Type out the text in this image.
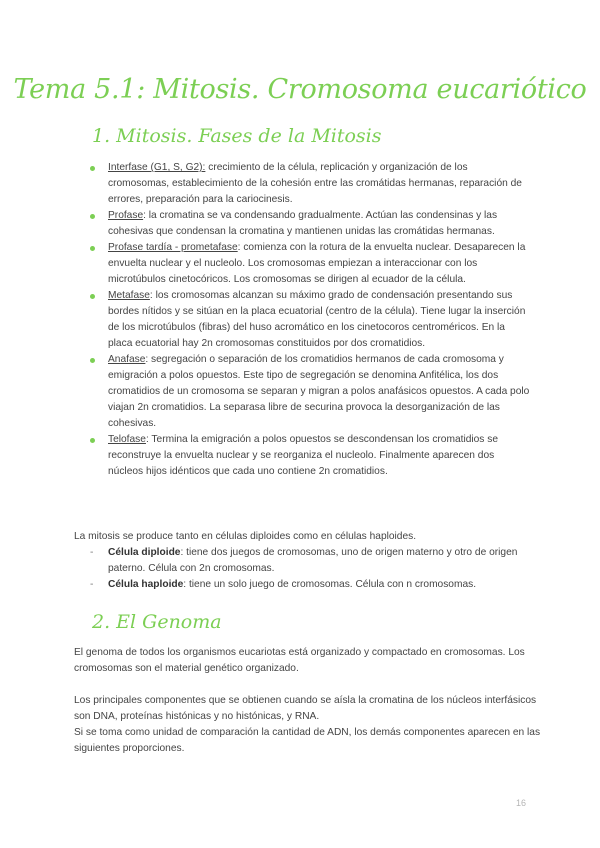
Tema 5.1: Mitosis. Cromosoma eucariótico
1. Mitosis. Fases de la Mitosis
Interfase (G1, S, G2): crecimiento de la célula, replicación y organización de los cromosomas, establecimiento de la cohesión entre las cromátidas hermanas, reparación de errores, preparación para la cariocinesis.
Profase: la cromatina se va condensando gradualmente. Actúan las condensinas y las cohesivas que condensan la cromatina y mantienen unidas las cromátidas hermanas.
Profase tardía - prometafase: comienza con la rotura de la envuelta nuclear. Desaparecen la envuelta nuclear y el nucleolo. Los cromosomas empiezan a interaccionar con los microtúbulos cinetocóricos. Los cromosomas se dirigen al ecuador de la célula.
Metafase: los cromosomas alcanzan su máximo grado de condensación presentando sus bordes nítidos y se sitúan en la placa ecuatorial (centro de la célula). Tiene lugar la inserción de los microtúbulos (fibras) del huso acromático en los cinetocoros centroméricos. En la placa ecuatorial hay 2n cromosomas constituidos por dos cromatidios.
Anafase: segregación o separación de los cromatidios hermanos de cada cromosoma y emigración a polos opuestos. Este tipo de segregación se denomina Anfitélica, los dos cromatidios de un cromosoma se separan y migran a polos anafásicos opuestos. A cada polo viajan 2n cromatidios. La separasa libre de securina provoca la desorganización de las cohesivas.
Telofase: Termina la emigración a polos opuestos se descondensan los cromatidios se reconstruye la envuelta nuclear y se reorganiza el nucleolo. Finalmente aparecen dos núcleos hijos idénticos que cada uno contiene 2n cromatidios.
La mitosis se produce tanto en células diploides como en células haploides.
- Célula diploide: tiene dos juegos de cromosomas, uno de origen materno y otro de origen paterno. Célula con 2n cromosomas.
- Célula haploide: tiene un solo juego de cromosomas. Célula con n cromosomas.
2. El Genoma
El genoma de todos los organismos eucariotas está organizado y compactado en cromosomas. Los cromosomas son el material genético organizado.
Los principales componentes que se obtienen cuando se aísla la cromatina de los núcleos interfásicos son DNA, proteínas histónicas y no histónicas, y RNA.
Si se toma como unidad de comparación la cantidad de ADN, los demás componentes aparecen en las siguientes proporciones.
16
